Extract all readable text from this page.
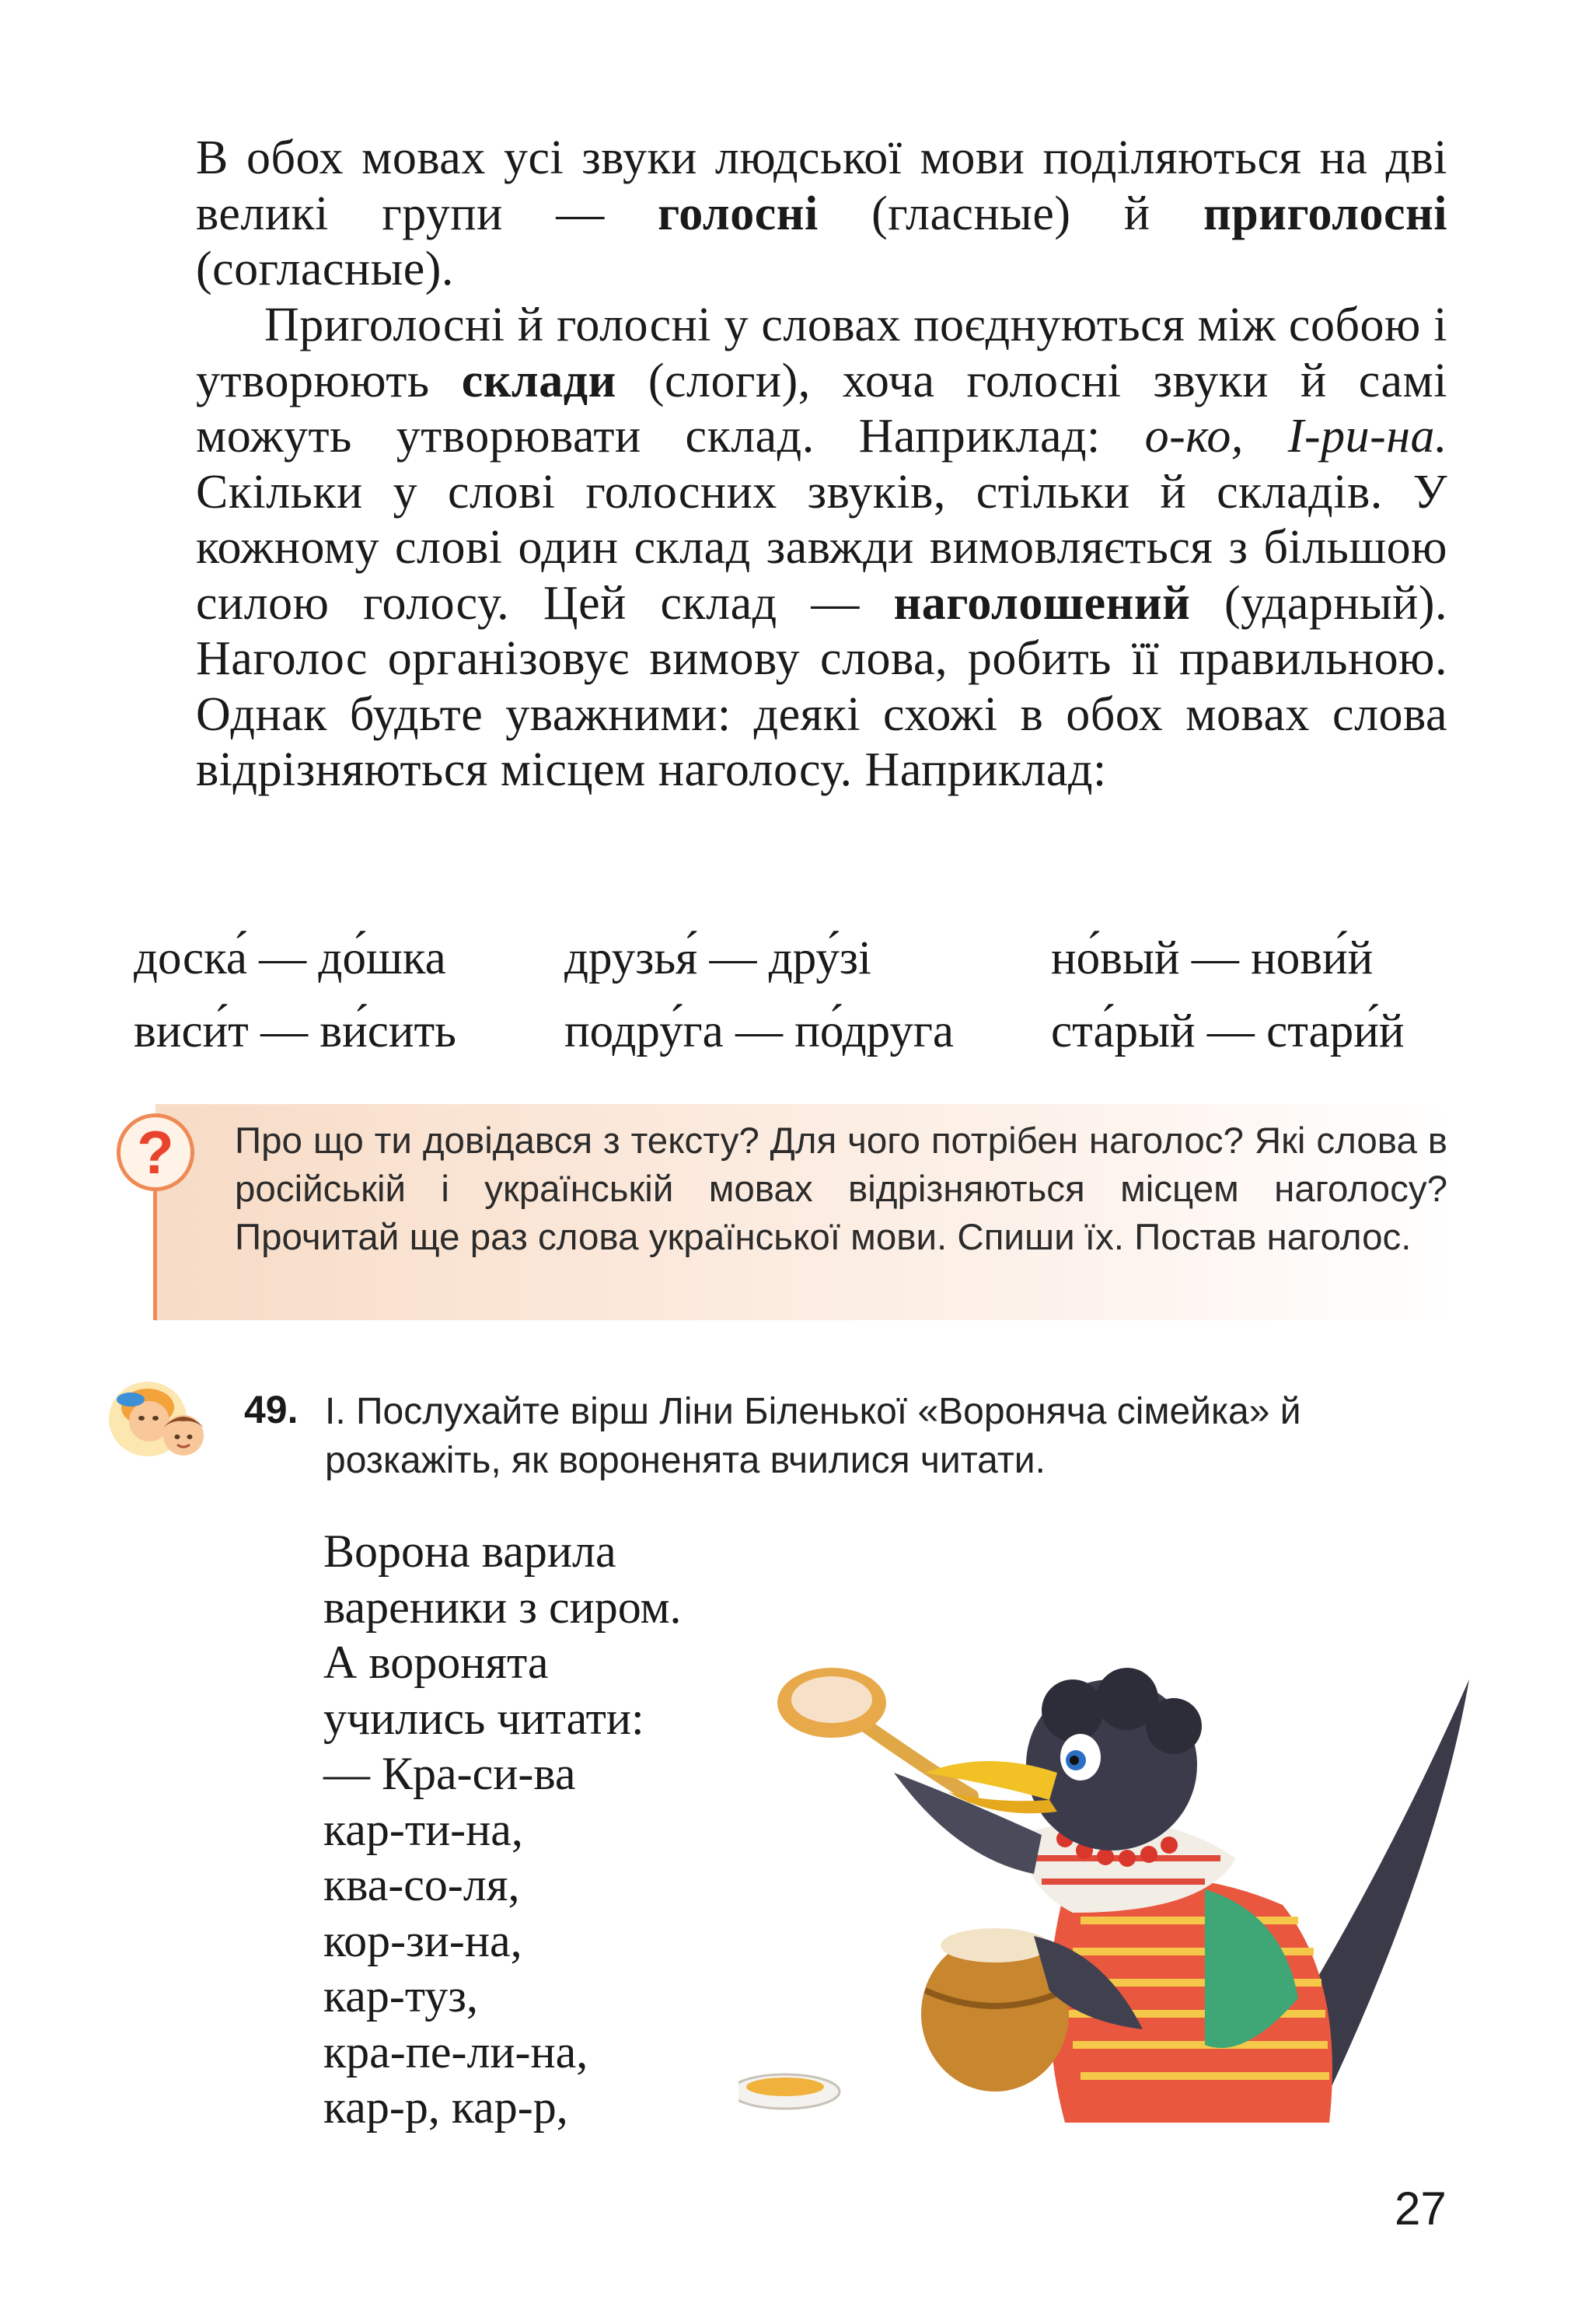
В обох мовах усі звуки людської мови поділяються на дві великі групи — голосні (гласные) й приголосні (согласные).

Приголосні й голосні у словах поєднуються між собою і утворюють склади (слоги), хоча голосні звуки й самі можуть утворювати склад. Наприклад: о-ко, І-ри-на. Скільки у слові голосних звуків, стільки й складів. У кожному слові один склад завжди вимовляється з більшою силою голосу. Цей склад — наголошений (ударный). Наголос організовує вимову слова, робить її правильною. Однак будьте уважними: деякі схожі в обох мовах слова відрізняються місцем наголосу. Наприклад:

доска́ — до́шка друзья́ — дру́зі	но́вый — нови́й
виси́т — ви́сить подру́га — по́друга ста́рый — стари́й
? Про що ти довідався з тексту? Для чого потрібен наголос? Які слова в російській і українській мовах відрізняються місцем наголосу? Прочитай ще раз слова української мови. Спиши їх. Постав наголос.

49. І. Послухайте вірш Ліни Біленької «Вороняча сімейка» й розкажіть, як вороненята вчилися читати.

Ворона варила
вареники з сиром.
А воронята
учились читати:
— Кра-си-ва
кар-ти-на,
ква-со-ля,
кор-зи-на,
кар-туз,
кра-пе-ли-на,
кар-р, кар-р,
27
